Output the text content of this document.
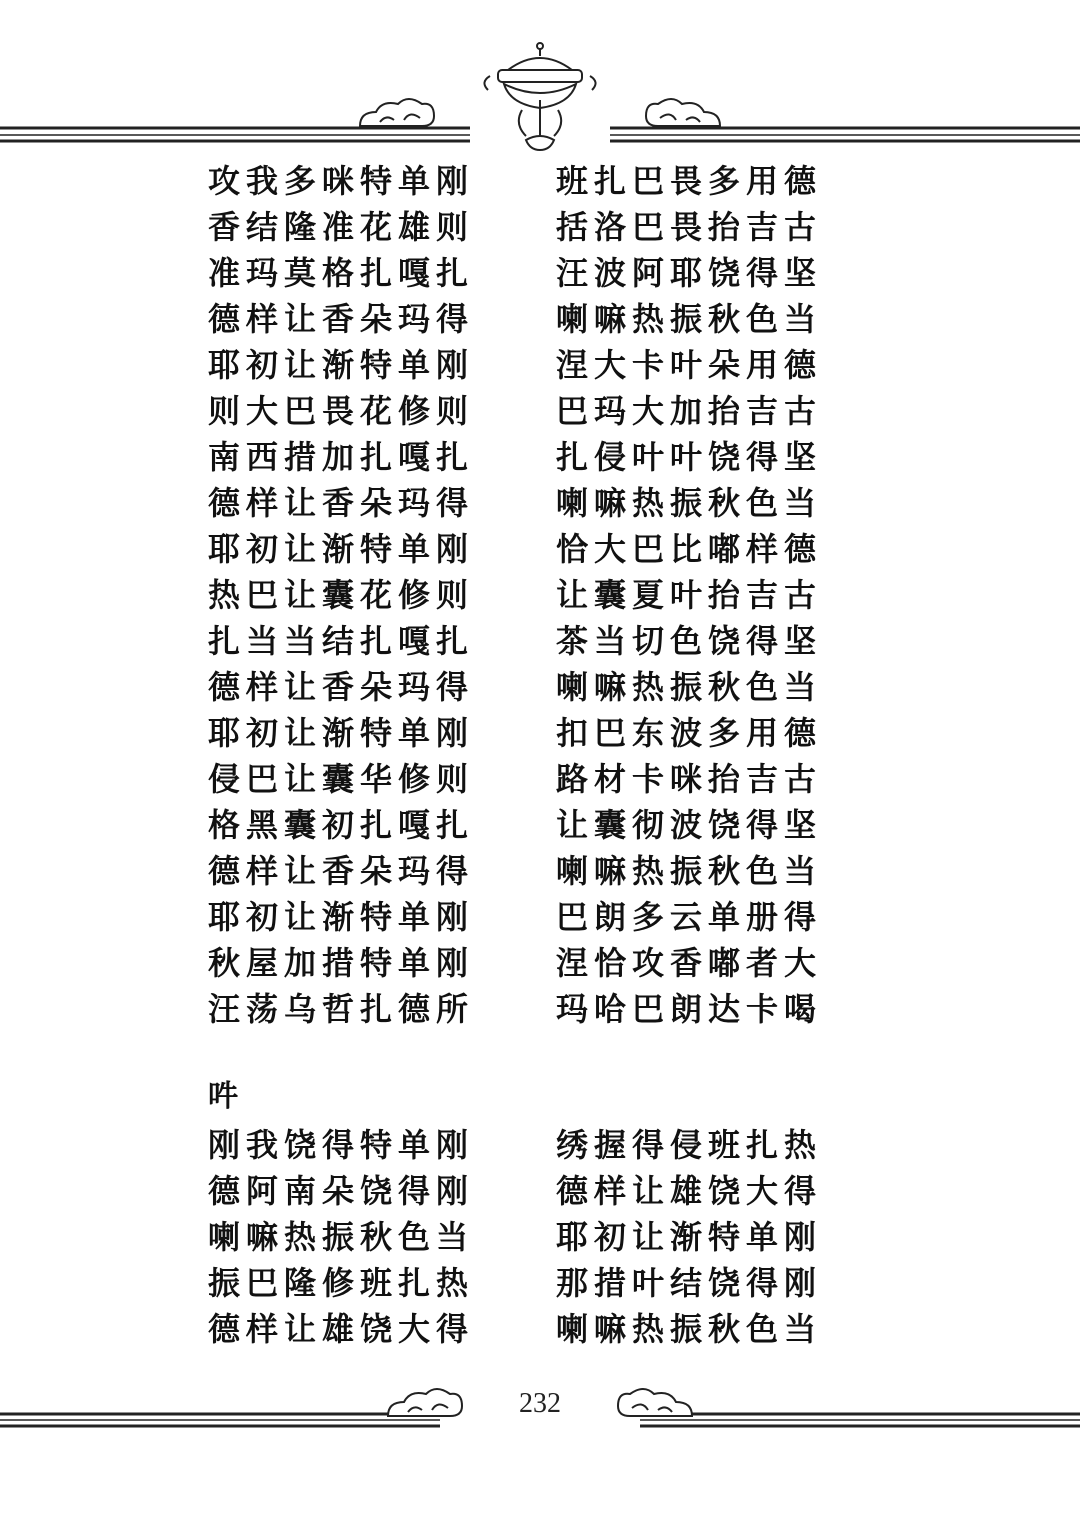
攻我多咪特单刚
香结隆准花雄则
准玛莫格扎嘎扎
德样让香朵玛得
耶初让渐特单刚
则大巴畏花修则
南西措加扎嘎扎
德样让香朵玛得
耶初让渐特单刚
热巴让囊花修则
扎当当结扎嘎扎
德样让香朵玛得
耶初让渐特单刚
侵巴让囊华修则
格黑囊初扎嘎扎
德样让香朵玛得
耶初让渐特单刚
秋屋加措特单刚
汪荡乌哲扎德所
班扎巴畏多用德
括洛巴畏抬吉古
汪波阿耶饶得坚
喇嘛热振秋色当
涅大卡叶朵用德
巴玛大加抬吉古
扎侵叶叶饶得坚
喇嘛热振秋色当
恰大巴比嘟样德
让囊夏叶抬吉古
茶当切色饶得坚
喇嘛热振秋色当
扣巴东波多用德
路材卡咪抬吉古
让囊彻波饶得坚
喇嘛热振秋色当
巴朗多云单册得
涅恰攻香嘟者大
玛哈巴朗达卡喝
吽
刚我饶得特单刚
德阿南朵饶得刚
喇嘛热振秋色当
振巴隆修班扎热
德样让雄饶大得
绣握得侵班扎热
德样让雄饶大得
耶初让渐特单刚
那措叶结饶得刚
喇嘛热振秋色当
232
